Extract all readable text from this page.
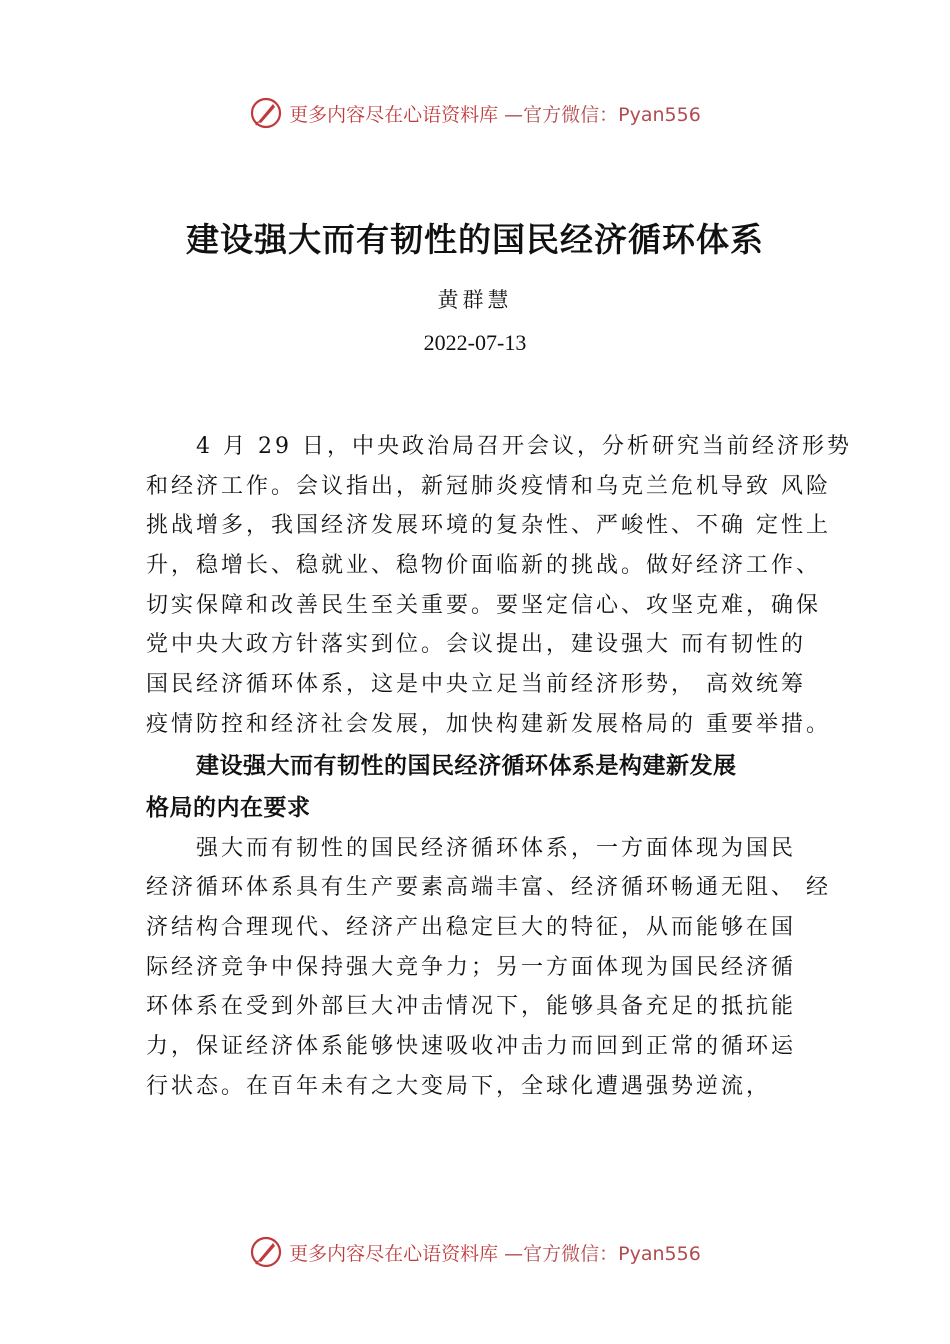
更多内容尽在心语资料库 —官方微信：Pyan556
建设强大而有韧性的国民经济循环体系
黄群慧
2022-07-13
4 月 29 日，中央政治局召开会议，分析研究当前经济形势
和经济工作。会议指出，新冠肺炎疫情和乌克兰危机导致 风险
挑战增多，我国经济发展环境的复杂性、严峻性、不确 定性上
升，稳增长、稳就业、稳物价面临新的挑战。做好经济工作、
切实保障和改善民生至关重要。要坚定信心、攻坚克难，确保
党中央大政方针落实到位。会议提出，建设强大 而有韧性的
国民经济循环体系，这是中央立足当前经济形势， 高效统筹
疫情防控和经济社会发展，加快构建新发展格局的 重要举措。
建设强大而有韧性的国民经济循环体系是构建新发展
格局的内在要求
强大而有韧性的国民经济循环体系，一方面体现为国民
经济循环体系具有生产要素高端丰富、经济循环畅通无阻、 经
济结构合理现代、经济产出稳定巨大的特征，从而能够在国
际经济竞争中保持强大竞争力；另一方面体现为国民经济循
环体系在受到外部巨大冲击情况下，能够具备充足的抵抗能
力，保证经济体系能够快速吸收冲击力而回到正常的循环运
行状态。在百年未有之大变局下，全球化遭遇强势逆流，
更多内容尽在心语资料库 —官方微信：Pyan556
